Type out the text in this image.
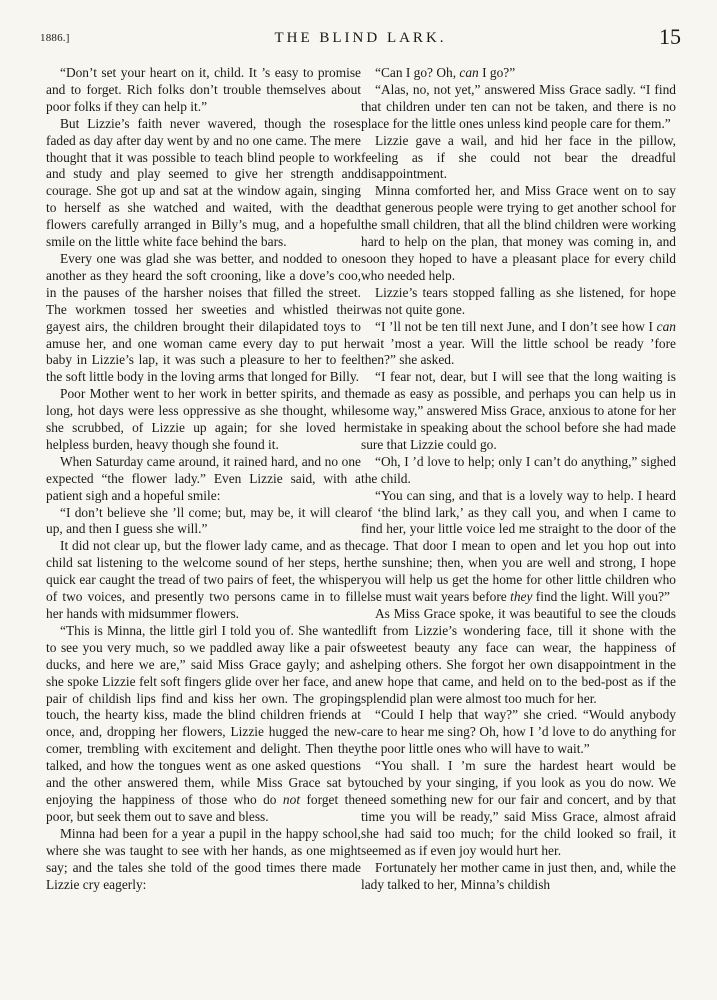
1886.]	THE BLIND LARK.	15

“Don’t set your heart on it, child. It ’s easy to promise and to forget. Rich folks don’t trouble themselves about poor folks if they can help it.”

But Lizzie’s faith never wavered, though the roses faded as day after day went by and no one came. The mere thought that it was possible to teach blind people to work and study and play seemed to give her strength and courage. She got up and sat at the window again, singing to herself as she watched and waited, with the dead flowers carefully arranged in Billy’s mug, and a hopeful smile on the little white face behind the bars.

Every one was glad she was better, and nodded to one another as they heard the soft crooning, like a dove’s coo, in the pauses of the harsher noises that filled the street. The workmen tossed her sweeties and whistled their gayest airs, the children brought their dilapidated toys to amuse her, and one woman came every day to put her baby in Lizzie’s lap, it was such a pleasure to her to feel the soft little body in the loving arms that longed for Billy.

Poor Mother went to her work in better spirits, and the long, hot days were less oppressive as she thought, while she scrubbed, of Lizzie up again; for she loved her helpless burden, heavy though she found it.

When Saturday came around, it rained hard, and no one expected “the flower lady.” Even Lizzie said, with a patient sigh and a hopeful smile:

“I don’t believe she ’ll come; but, may be, it will clear up, and then I guess she will.”

It did not clear up, but the flower lady came, and as the child sat listening to the welcome sound of her steps, her quick ear caught the tread of two pairs of feet, the whisper of two voices, and presently two persons came in to fill her hands with midsummer flowers.

“This is Minna, the little girl I told you of. She wanted to see you very much, so we paddled away like a pair of ducks, and here we are,” said Miss Grace gayly; and as she spoke Lizzie felt soft fingers glide over her face, and a pair of childish lips find and kiss her own. The groping touch, the hearty kiss, made the blind children friends at once, and, dropping her flowers, Lizzie hugged the new-comer, trembling with excitement and delight. Then they talked, and how the tongues went as one asked questions and the other answered them, while Miss Grace sat by enjoying the happiness of those who do not forget the poor, but seek them out to save and bless.

Minna had been for a year a pupil in the happy school, where she was taught to see with her hands, as one might say; and the tales she told of the good times there made Lizzie cry eagerly:

“Can I go? Oh, can I go?”

“Alas, no, not yet,” answered Miss Grace sadly. “I find that children under ten can not be taken, and there is no place for the little ones unless kind people care for them.”

Lizzie gave a wail, and hid her face in the pillow, feeling as if she could not bear the dreadful disappointment.

Minna comforted her, and Miss Grace went on to say that generous people were trying to get another school for the small children, that all the blind children were working hard to help on the plan, that money was coming in, and soon they hoped to have a pleasant place for every child who needed help.

Lizzie’s tears stopped falling as she listened, for hope was not quite gone.

“I ’ll not be ten till next June, and I don’t see how I can wait ’most a year. Will the little school be ready ’fore then?” she asked.

“I fear not, dear, but I will see that the long waiting is made as easy as possible, and perhaps you can help us in some way,” answered Miss Grace, anxious to atone for her mistake in speaking about the school before she had made sure that Lizzie could go.

“Oh, I ’d love to help; only I can’t do anything,” sighed the child.

“You can sing, and that is a lovely way to help. I heard of ‘the blind lark,’ as they call you, and when I came to find her, your little voice led me straight to the door of the cage. That door I mean to open and let you hop out into the sunshine; then, when you are well and strong, I hope you will help us get the home for other little children who else must wait years before they find the light. Will you?”

As Miss Grace spoke, it was beautiful to see the clouds lift from Lizzie’s wondering face, till it shone with the sweetest beauty any face can wear, the happiness of helping others. She forgot her own disappointment in the new hope that came, and held on to the bed-post as if the splendid plan were almost too much for her.

“Could I help that way?” she cried. “Would anybody care to hear me sing? Oh, how I ’d love to do anything for the poor little ones who will have to wait.”

“You shall. I ’m sure the hardest heart would be touched by your singing, if you look as you do now. We need something new for our fair and concert, and by that time you will be ready,” said Miss Grace, almost afraid she had said too much; for the child looked so frail, it seemed as if even joy would hurt her.

Fortunately her mother came in just then, and, while the lady talked to her, Minna’s childish
